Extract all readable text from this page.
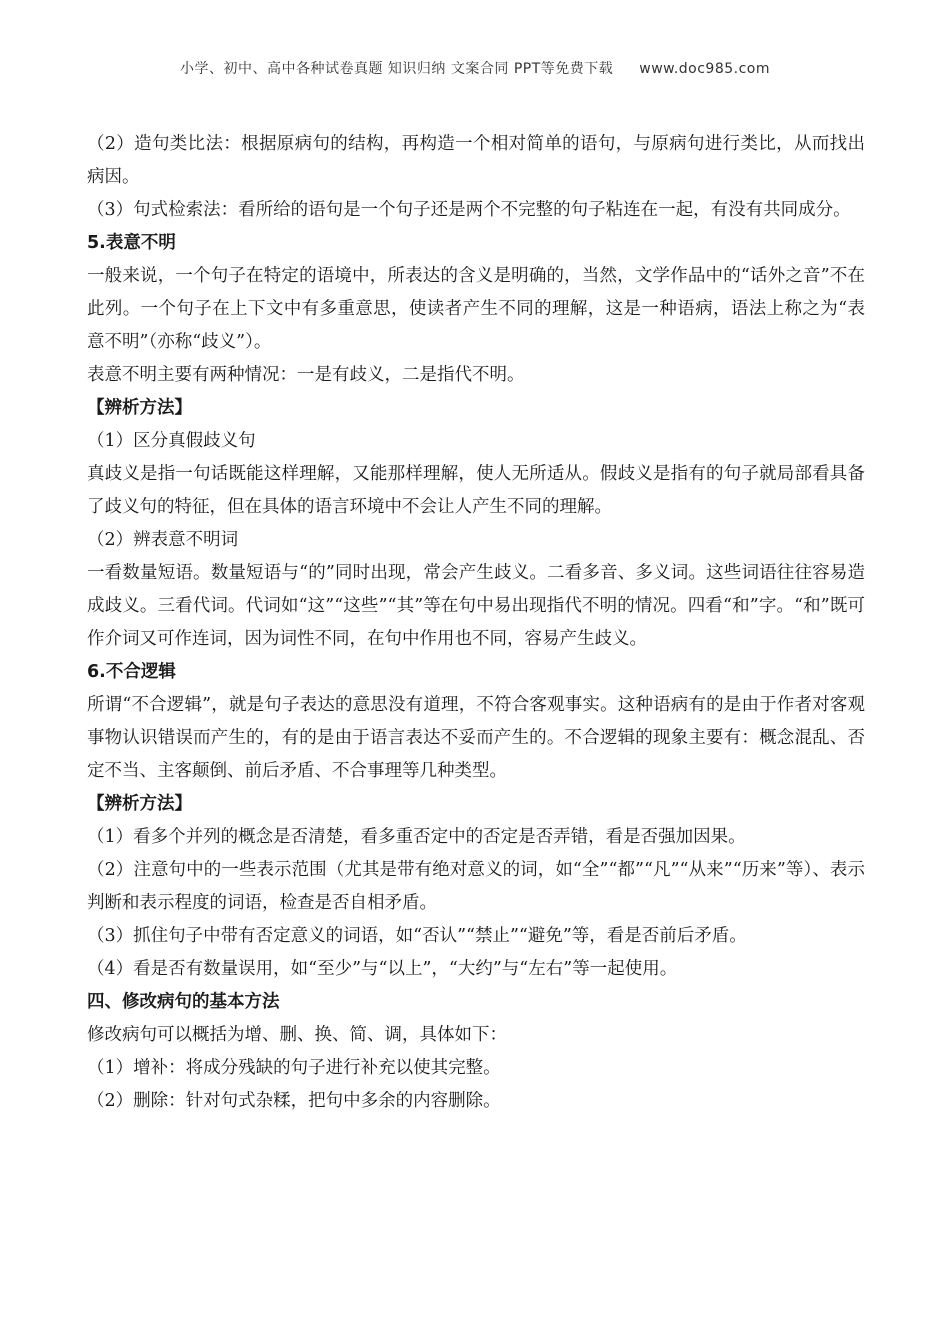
小学、初中、高中各种试卷真题 知识归纳 文案合同 PPT等免费下载 www.doc985.com

（2）造句类比法：根据原病句的结构，再构造一个相对简单的语句，与原病句进行类比，从而找出病因。

（3）句式检索法：看所给的语句是一个句子还是两个不完整的句子粘连在一起，有没有共同成分。

5.表意不明

一般来说，一个句子在特定的语境中，所表达的含义是明确的，当然，文学作品中的“话外之音”不在此列。一个句子在上下文中有多重意思，使读者产生不同的理解，这是一种语病，语法上称之为“表意不明”（亦称“歧义”）。

表意不明主要有两种情况：一是有歧义，二是指代不明。

【辨析方法】

（1）区分真假歧义句

真歧义是指一句话既能这样理解，又能那样理解，使人无所适从。假歧义是指有的句子就局部看具备了歧义句的特征，但在具体的语言环境中不会让人产生不同的理解。

（2）辨表意不明词

一看数量短语。数量短语与“的”同时出现，常会产生歧义。二看多音、多义词。这些词语往往容易造成歧义。三看代词。代词如“这”“这些”“其”等在句中易出现指代不明的情况。四看“和”字。“和”既可作介词又可作连词，因为词性不同，在句中作用也不同，容易产生歧义。

6.不合逻辑

所谓“不合逻辑”，就是句子表达的意思没有道理，不符合客观事实。这种语病有的是由于作者对客观事物认识错误而产生的，有的是由于语言表达不妥而产生的。不合逻辑的现象主要有：概念混乱、否定不当、主客颠倒、前后矛盾、不合事理等几种类型。

【辨析方法】

（1）看多个并列的概念是否清楚，看多重否定中的否定是否弄错，看是否强加因果。

（2）注意句中的一些表示范围（尤其是带有绝对意义的词，如“全”“都”“凡”“从来”“历来”等）、表示判断和表示程度的词语，检查是否自相矛盾。

（3）抓住句子中带有否定意义的词语，如“否认”“禁止”“避免”等，看是否前后矛盾。

（4）看是否有数量误用，如“至少”与“以上”，“大约”与“左右”等一起使用。

四、修改病句的基本方法

修改病句可以概括为增、删、换、简、调，具体如下：

（1）增补：将成分残缺的句子进行补充以使其完整。

（2）删除：针对句式杂糅，把句中多余的内容删除。
